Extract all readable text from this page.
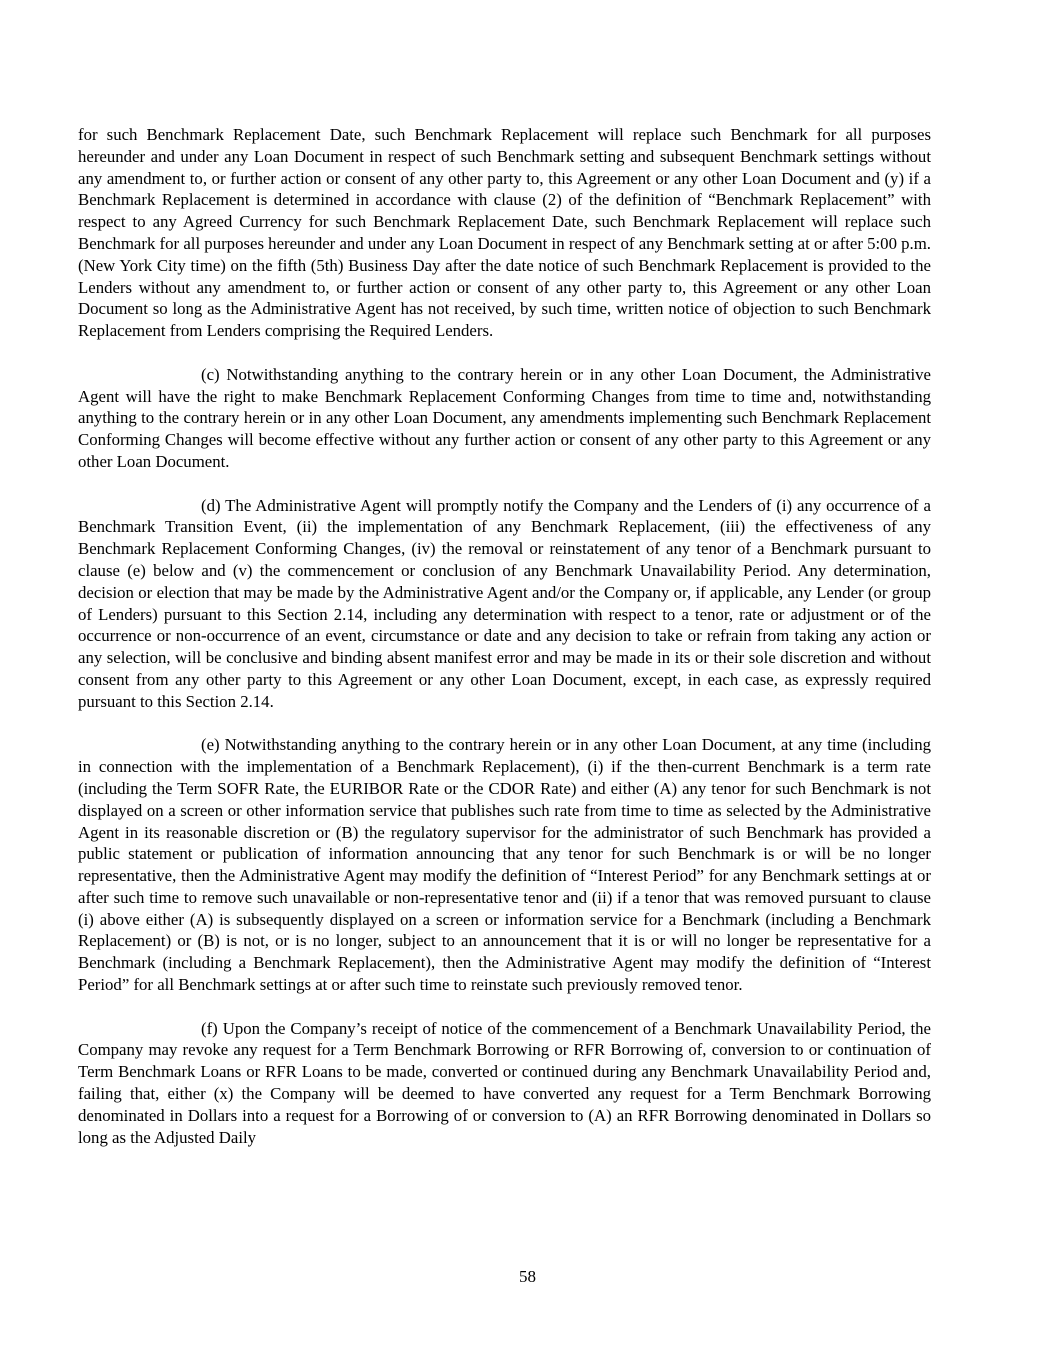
for such Benchmark Replacement Date, such Benchmark Replacement will replace such Benchmark for all purposes hereunder and under any Loan Document in respect of such Benchmark setting and subsequent Benchmark settings without any amendment to, or further action or consent of any other party to, this Agreement or any other Loan Document and (y) if a Benchmark Replacement is determined in accordance with clause (2) of the definition of “Benchmark Replacement” with respect to any Agreed Currency for such Benchmark Replacement Date, such Benchmark Replacement will replace such Benchmark for all purposes hereunder and under any Loan Document in respect of any Benchmark setting at or after 5:00 p.m. (New York City time) on the fifth (5th) Business Day after the date notice of such Benchmark Replacement is provided to the Lenders without any amendment to, or further action or consent of any other party to, this Agreement or any other Loan Document so long as the Administrative Agent has not received, by such time, written notice of objection to such Benchmark Replacement from Lenders comprising the Required Lenders.

(c) Notwithstanding anything to the contrary herein or in any other Loan Document, the Administrative Agent will have the right to make Benchmark Replacement Conforming Changes from time to time and, notwithstanding anything to the contrary herein or in any other Loan Document, any amendments implementing such Benchmark Replacement Conforming Changes will become effective without any further action or consent of any other party to this Agreement or any other Loan Document.

(d) The Administrative Agent will promptly notify the Company and the Lenders of (i) any occurrence of a Benchmark Transition Event, (ii) the implementation of any Benchmark Replacement, (iii) the effectiveness of any Benchmark Replacement Conforming Changes, (iv) the removal or reinstatement of any tenor of a Benchmark pursuant to clause (e) below and (v) the commencement or conclusion of any Benchmark Unavailability Period. Any determination, decision or election that may be made by the Administrative Agent and/or the Company or, if applicable, any Lender (or group of Lenders) pursuant to this Section 2.14, including any determination with respect to a tenor, rate or adjustment or of the occurrence or non-occurrence of an event, circumstance or date and any decision to take or refrain from taking any action or any selection, will be conclusive and binding absent manifest error and may be made in its or their sole discretion and without consent from any other party to this Agreement or any other Loan Document, except, in each case, as expressly required pursuant to this Section 2.14.

(e) Notwithstanding anything to the contrary herein or in any other Loan Document, at any time (including in connection with the implementation of a Benchmark Replacement), (i) if the then-current Benchmark is a term rate (including the Term SOFR Rate, the EURIBOR Rate or the CDOR Rate) and either (A) any tenor for such Benchmark is not displayed on a screen or other information service that publishes such rate from time to time as selected by the Administrative Agent in its reasonable discretion or (B) the regulatory supervisor for the administrator of such Benchmark has provided a public statement or publication of information announcing that any tenor for such Benchmark is or will be no longer representative, then the Administrative Agent may modify the definition of “Interest Period” for any Benchmark settings at or after such time to remove such unavailable or non-representative tenor and (ii) if a tenor that was removed pursuant to clause (i) above either (A) is subsequently displayed on a screen or information service for a Benchmark (including a Benchmark Replacement) or (B) is not, or is no longer, subject to an announcement that it is or will no longer be representative for a Benchmark (including a Benchmark Replacement), then the Administrative Agent may modify the definition of “Interest Period” for all Benchmark settings at or after such time to reinstate such previously removed tenor.

(f) Upon the Company’s receipt of notice of the commencement of a Benchmark Unavailability Period, the Company may revoke any request for a Term Benchmark Borrowing or RFR Borrowing of, conversion to or continuation of Term Benchmark Loans or RFR Loans to be made, converted or continued during any Benchmark Unavailability Period and, failing that, either (x) the Company will be deemed to have converted any request for a Term Benchmark Borrowing denominated in Dollars into a request for a Borrowing of or conversion to (A) an RFR Borrowing denominated in Dollars so long as the Adjusted Daily

58
